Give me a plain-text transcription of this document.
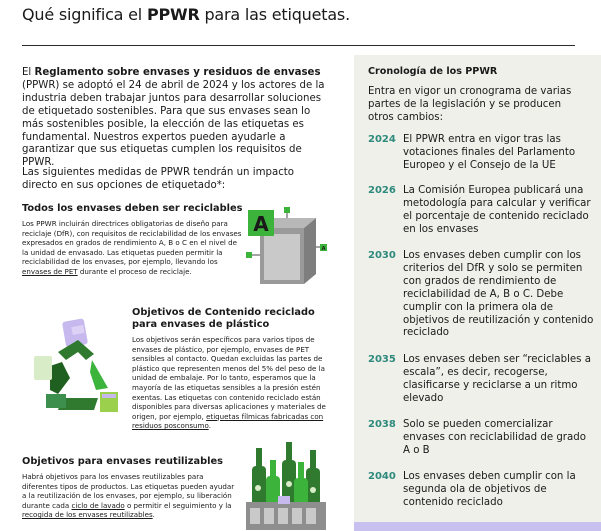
Qué significa el PPWR para las etiquetas.

El Reglamento sobre envases y residuos de envases (PPWR) se adoptó el 24 de abril de 2024 y los actores de la industria deben trabajar juntos para desarrollar soluciones de etiquetado sostenibles. Para que sus envases sean lo más sostenibles posible, la elección de las etiquetas es fundamental. Nuestros expertos pueden ayudarle a garantizar que sus etiquetas cumplen los requisitos de PPWR.

Las siguientes medidas de PPWR tendrán un impacto directo en sus opciones de etiquetado*:

Todos los envases deben ser reciclables

Los PPWR incluirán directrices obligatorias de diseño para reciclaje (DfR), con requisitos de reciclabilidad de los envases expresados en grados de rendimiento A, B o C en el nivel de la unidad de envasado. Las etiquetas pueden permitir la reciclabilidad de los envases, por ejemplo, llevando los envases de PET durante el proceso de reciclaje.

A
A

Objetivos de Contenido reciclado para envases de plástico

Los objetivos serán específicos para varios tipos de envases de plástico, por ejemplo, envases de PET sensibles al contacto. Quedan excluidas las partes de plástico que representen menos del 5% del peso de la unidad de embalaje. Por lo tanto, esperamos que la mayoría de las etiquetas sensibles a la presión estén exentas. Las etiquetas con contenido reciclado están disponibles para diversas aplicaciones y materiales de origen, por ejemplo, etiquetas fílmicas fabricadas con residuos posconsumo.

Objetivos para envases reutilizables

Habrá objetivos para los envases reutilizables para diferentes tipos de productos. Las etiquetas pueden ayudar a la reutilización de los envases, por ejemplo, su liberación durante cada ciclo de lavado o permitir el seguimiento y la recogida de los envases reutilizables.

Cronología de los PPWR

Entra en vigor un cronograma de varias partes de la legislación y se producen otros cambios:

2024 El PPWR entra en vigor tras las votaciones finales del Parlamento Europeo y el Consejo de la UE
2026 La Comisión Europea publicará una metodología para calcular y verificar el porcentaje de contenido reciclado en los envases
2030 Los envases deben cumplir con los criterios del DfR y solo se permiten con grados de rendimiento de reciclabilidad de A, B o C. Debe cumplir con la primera ola de objetivos de reutilización y contenido reciclado
2035 Los envases deben ser “reciclables a escala”, es decir, recogerse, clasificarse y reciclarse a un ritmo elevado
2038 Solo se pueden comercializar envases con reciclabilidad de grado A o B
2040 Los envases deben cumplir con la segunda ola de objetivos de contenido reciclado
